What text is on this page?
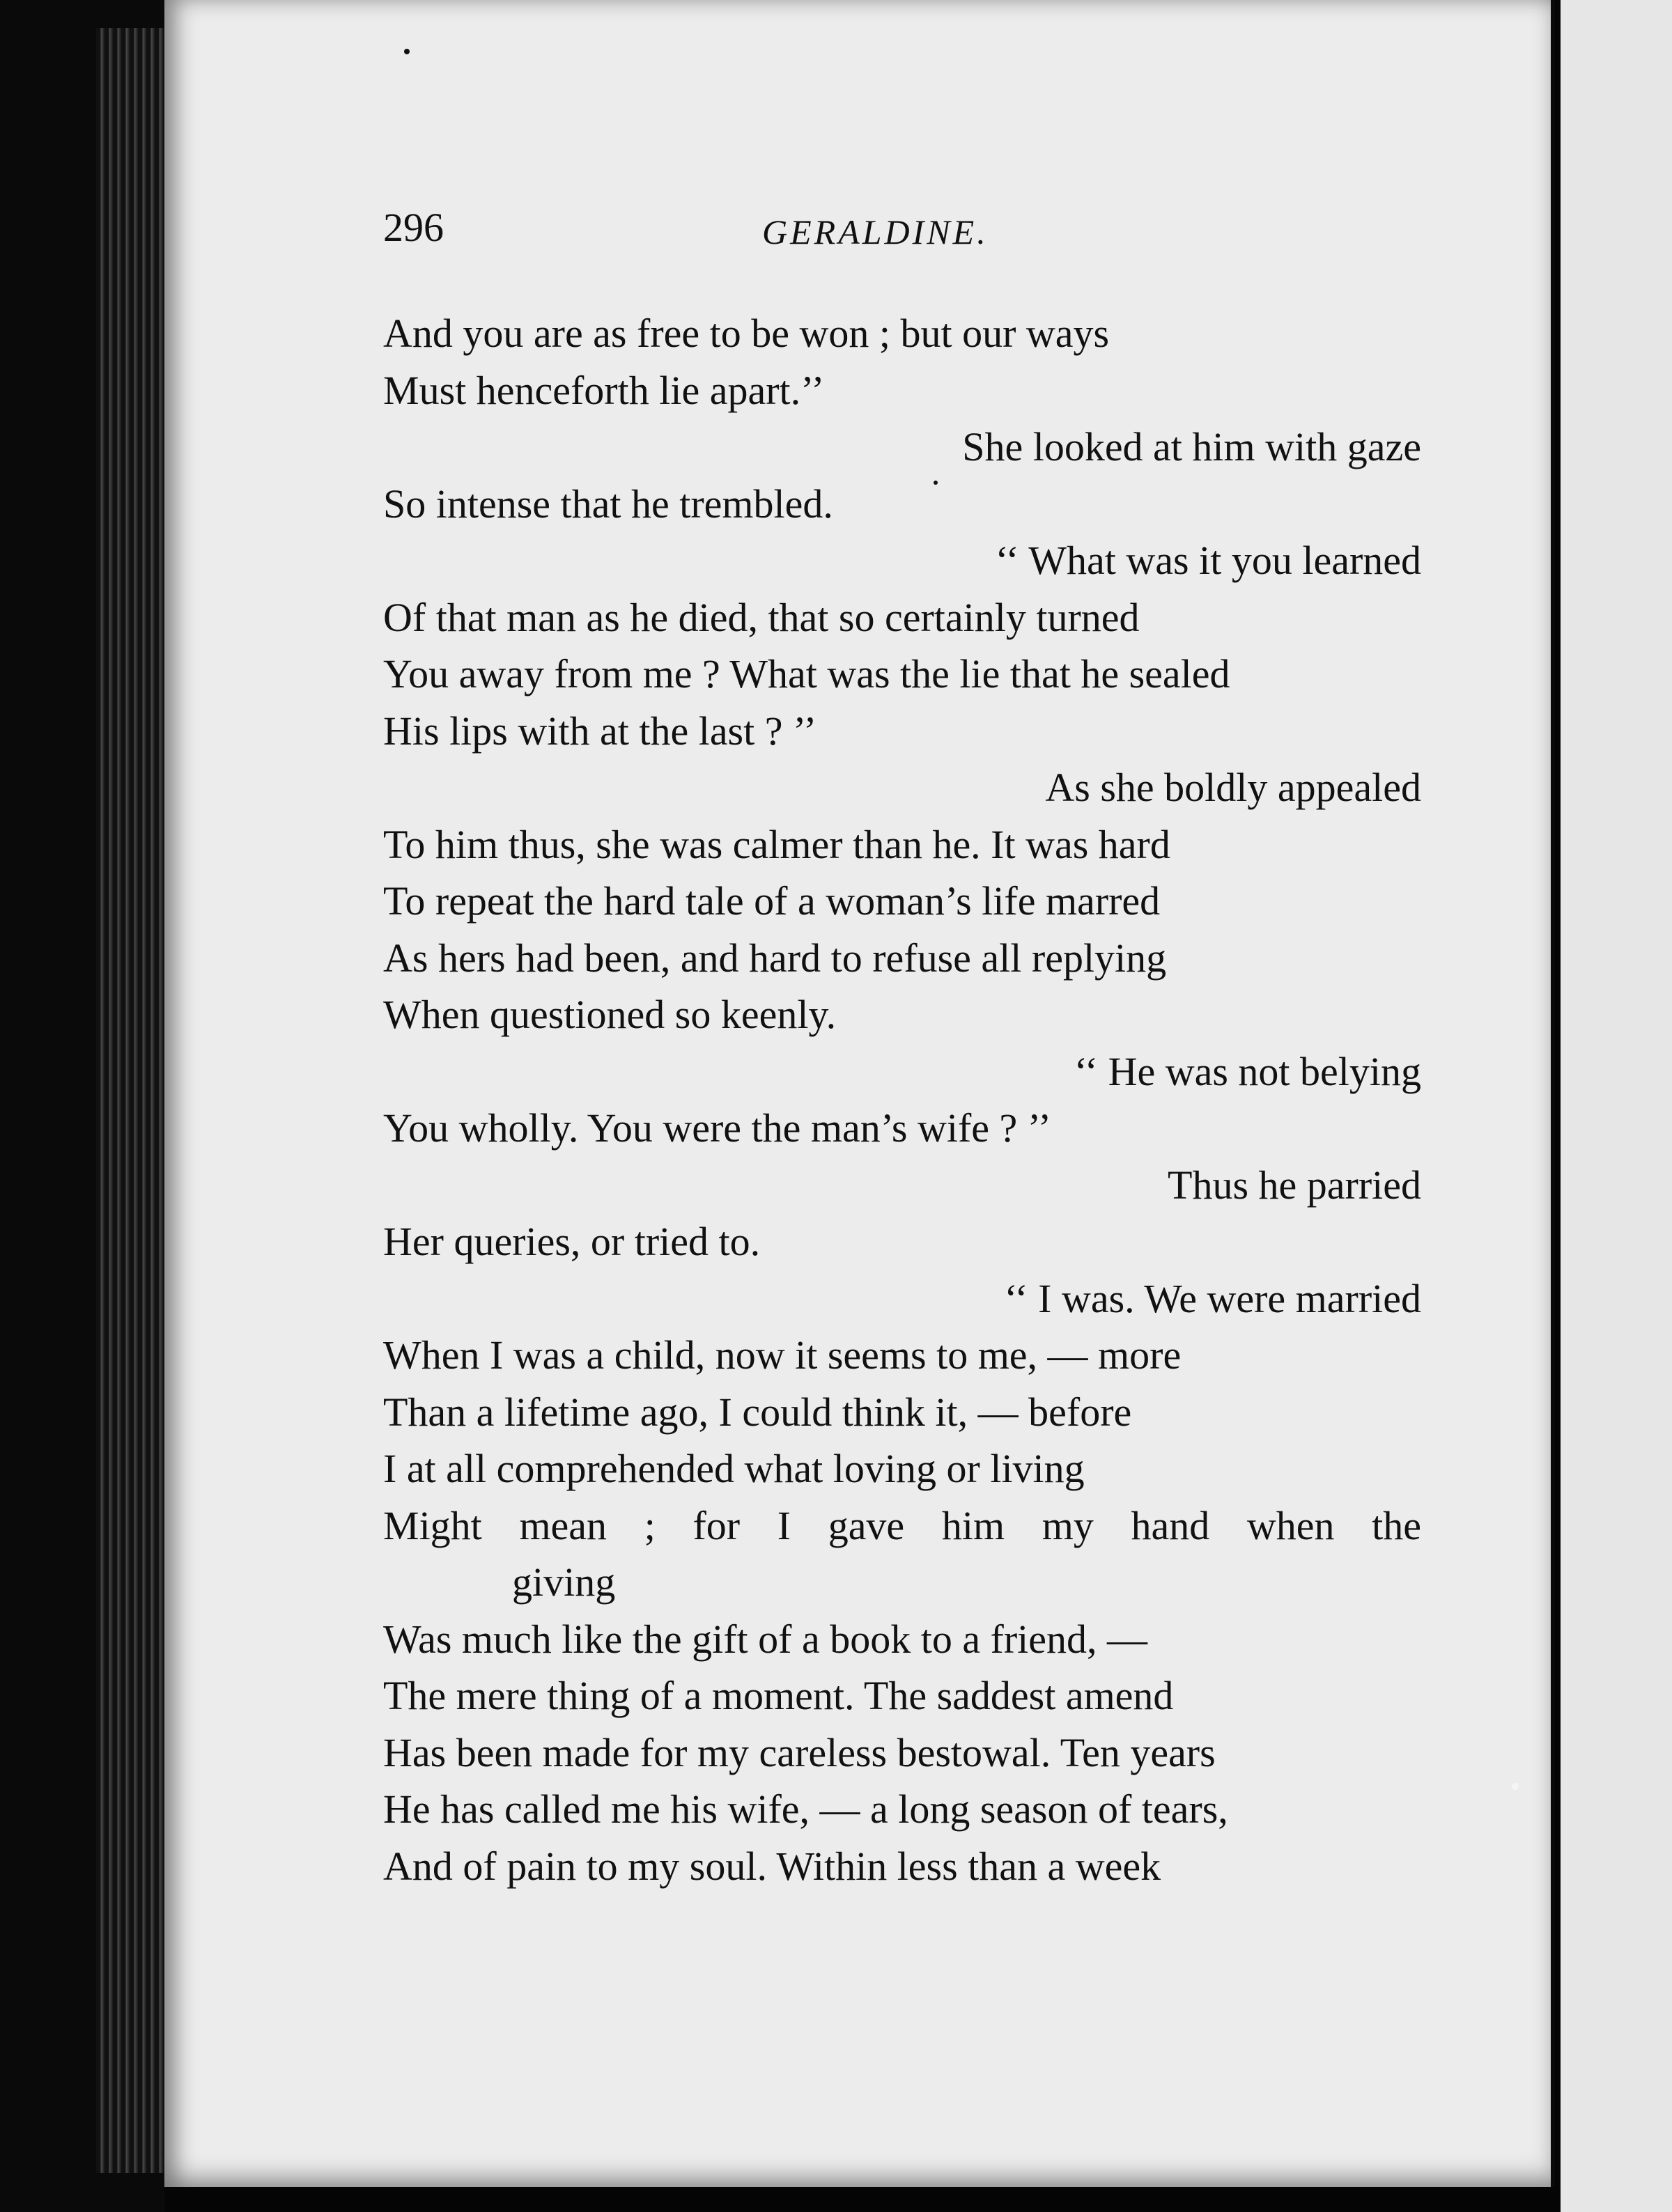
296	GERALDINE.
And you are as free to be won ; but our ways
Must henceforth lie apart.’’
She looked at him with gaze
So intense that he trembled.
‘‘ What was it you learned
Of that man as he died, that so certainly turned
You away from me ? What was the lie that he sealed
His lips with at the last ? ’’
As she boldly appealed
To him thus, she was calmer than he. It was hard
To repeat the hard tale of a woman’s life marred
As hers had been, and hard to refuse all replying
When questioned so keenly.
‘‘ He was not belying
You wholly. You were the man’s wife ? ’’
Thus he parried
Her queries, or tried to.
‘‘ I was. We were married
When I was a child, now it seems to me, — more
Than a lifetime ago, I could think it, — before
I at all comprehended what loving or living
Might mean ; for I gave him my hand when the
giving
Was much like the gift of a book to a friend, —
The mere thing of a moment. The saddest amend
Has been made for my careless bestowal. Ten years
He has called me his wife, — a long season of tears,
And of pain to my soul. Within less than a week
